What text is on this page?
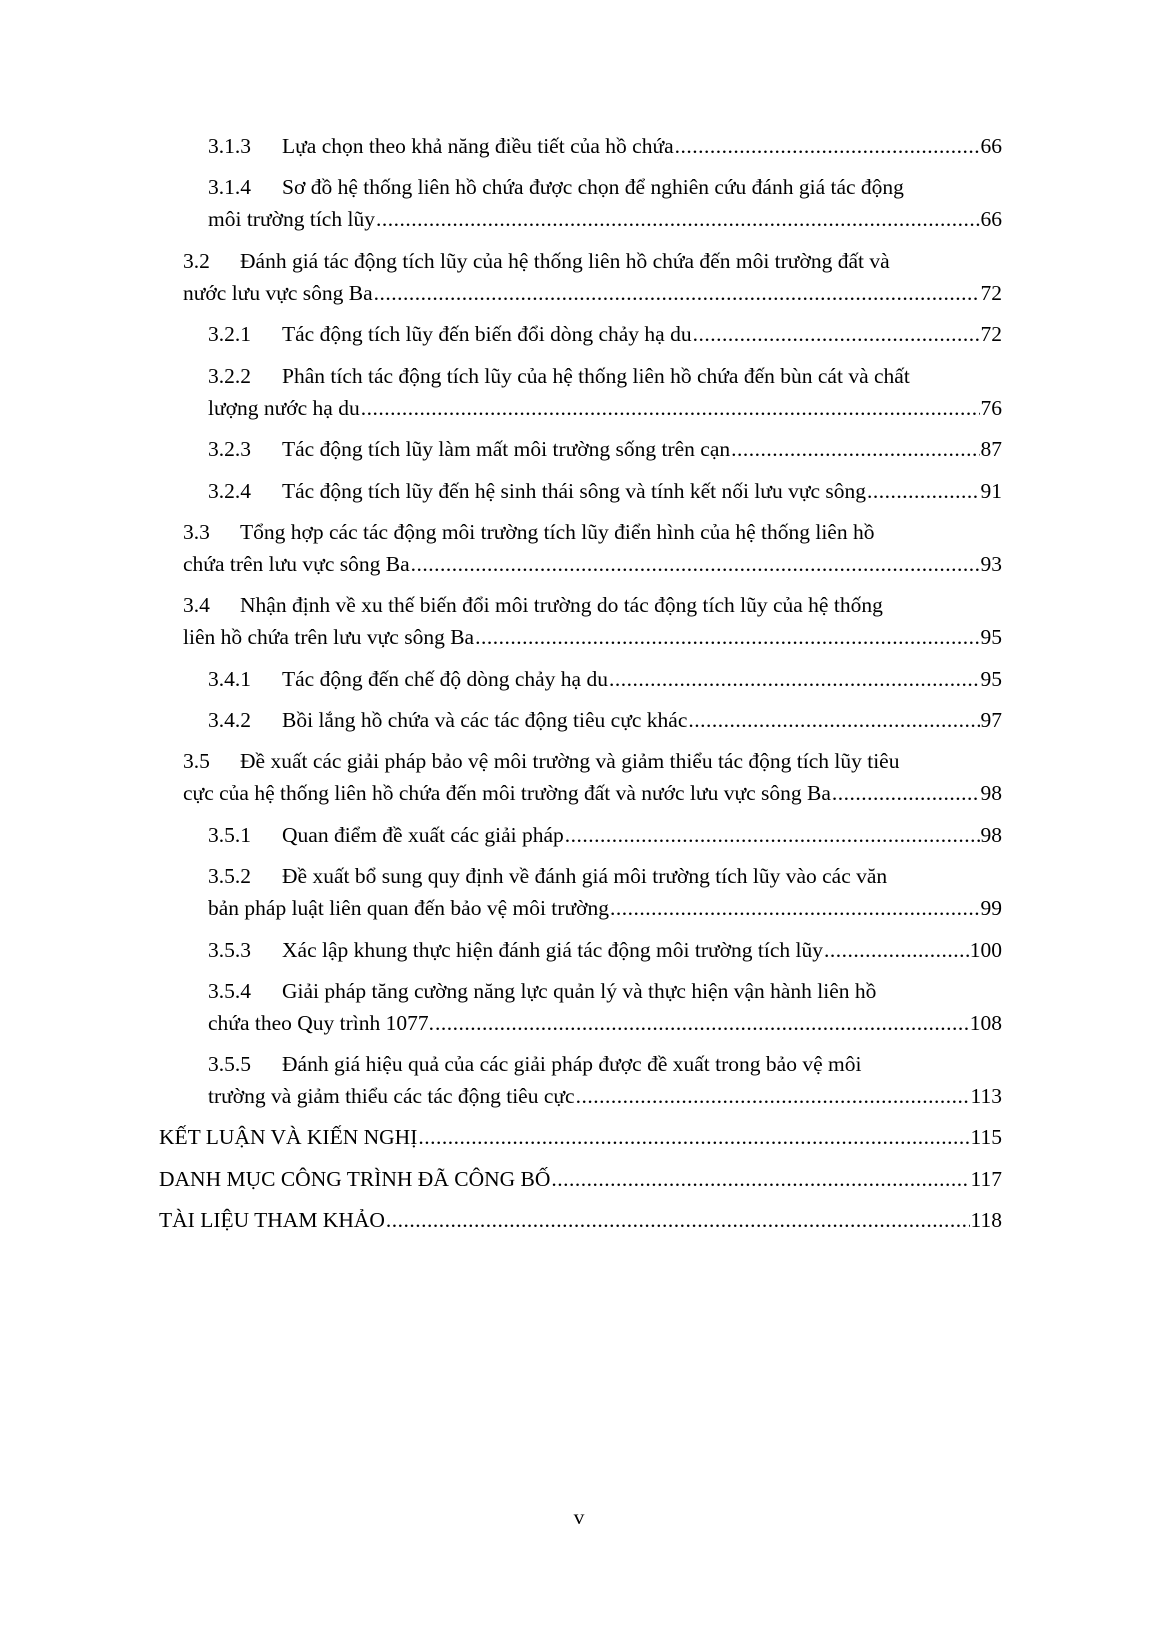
3.1.3 Lựa chọn theo khả năng điều tiết của hồ chứa .....	66
3.1.4 Sơ đồ hệ thống liên hồ chứa được chọn để nghiên cứu đánh giá tác động
môi trường tích lũy .....	66
3.2 Đánh giá tác động tích lũy của hệ thống liên hồ chứa đến môi trường đất và
nước lưu vực sông Ba .....	72
3.2.1 Tác động tích lũy đến biến đổi dòng chảy hạ du .....	72
3.2.2 Phân tích tác động tích lũy của hệ thống liên hồ chứa đến bùn cát và chất
lượng nước hạ du .....	76
3.2.3 Tác động tích lũy làm mất môi trường sống trên cạn .....	87
3.2.4 Tác động tích lũy đến hệ sinh thái sông và tính kết nối lưu vực sông .....	91
3.3 Tổng hợp các tác động môi trường tích lũy điển hình của hệ thống liên hồ
chứa trên lưu vực sông Ba .....	93
3.4 Nhận định về xu thế biến đổi môi trường do tác động tích lũy của hệ thống
liên hồ chứa trên lưu vực sông Ba .....	95
3.4.1 Tác động đến chế độ dòng chảy hạ du .....	95
3.4.2 Bồi lắng hồ chứa và các tác động tiêu cực khác .....	97
3.5 Đề xuất các giải pháp bảo vệ môi trường và giảm thiểu tác động tích lũy tiêu
cực của hệ thống liên hồ chứa đến môi trường đất và nước lưu vực sông Ba .....	98
3.5.1 Quan điểm đề xuất các giải pháp .....	98
3.5.2 Đề xuất bổ sung quy định về đánh giá môi trường tích lũy vào các văn
bản pháp luật liên quan đến bảo vệ môi trường .....	99
3.5.3 Xác lập khung thực hiện đánh giá tác động môi trường tích lũy .....	100
3.5.4 Giải pháp tăng cường năng lực quản lý và thực hiện vận hành liên hồ
chứa theo Quy trình 1077. .....	108
3.5.5 Đánh giá hiệu quả của các giải pháp được đề xuất trong bảo vệ môi
trường và giảm thiểu các tác động tiêu cực .....	113
KẾT LUẬN VÀ KIẾN NGHỊ .....	115
DANH MỤC CÔNG TRÌNH ĐÃ CÔNG BỐ .....	117
TÀI LIỆU THAM KHẢO .....	118
v
